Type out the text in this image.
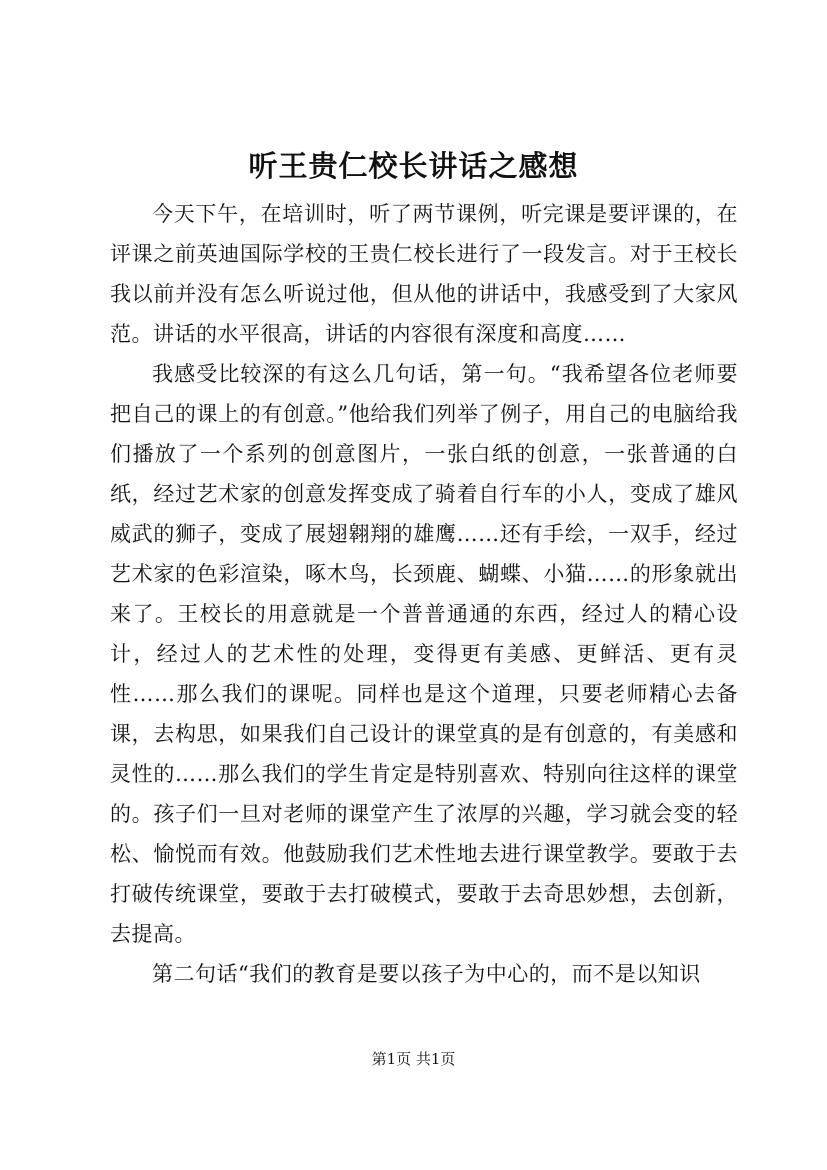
听王贵仁校长讲话之感想

今天下午，在培训时，听了两节课例，听完课是要评课的，在评课之前英迪国际学校的王贵仁校长进行了一段发言。对于王校长我以前并没有怎么听说过他，但从他的讲话中，我感受到了大家风范。讲话的水平很高，讲话的内容很有深度和高度……

我感受比较深的有这么几句话，第一句。“我希望各位老师要把自己的课上的有创意。”他给我们列举了例子，用自己的电脑给我们播放了一个系列的创意图片，一张白纸的创意，一张普通的白纸，经过艺术家的创意发挥变成了骑着自行车的小人，变成了雄风威武的狮子，变成了展翅翱翔的雄鹰……还有手绘，一双手，经过艺术家的色彩渲染，啄木鸟，长颈鹿、蝴蝶、小猫……的形象就出来了。王校长的用意就是一个普普通通的东西，经过人的精心设计，经过人的艺术性的处理，变得更有美感、更鲜活、更有灵性……那么我们的课呢。同样也是这个道理，只要老师精心去备课，去构思，如果我们自己设计的课堂真的是有创意的，有美感和灵性的……那么我们的学生肯定是特别喜欢、特别向往这样的课堂的。孩子们一旦对老师的课堂产生了浓厚的兴趣，学习就会变的轻松、愉悦而有效。他鼓励我们艺术性地去进行课堂教学。要敢于去打破传统课堂，要敢于去打破模式，要敢于去奇思妙想，去创新，去提高。

第二句话“我们的教育是要以孩子为中心的，而不是以知识

第1页 共1页
